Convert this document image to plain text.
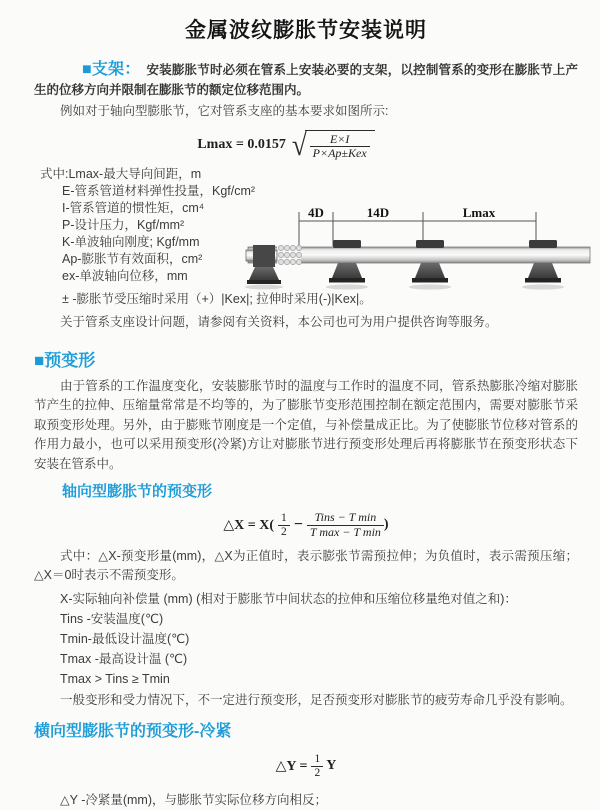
金属波纹膨胀节安装说明

■支架： 安装膨胀节时必须在管系上安装必要的支架，以控制管系的变形在膨胀节上产生的位移方向并限制在膨胀节的额定位移范围内。

例如对于轴向型膨胀节，它对管系支座的基本要求如图所示:

Lmax = 0.0157 √ $\frac{E\times I}{\text{P×Ap±Kex}}$
式中:Lmax-最大导向间距，m
E-管系管道材料弹性投量，Kgf/cm²
I-管系管道的惯性矩，cm⁴
P-设计压力，Kgf/mm²
K-单波轴向刚度; Kgf/mm
Ap-膨胀节有效面积，cm²
ex-单波轴向位移，mm
± -膨胀节受压缩时采用（+）|Kex|; 拉伸时采用(-)|Kex|。

关于管系支座设计问题，请参阅有关资料，本公司也可为用户提供咨询等服务。

■预变形

由于管系的工作温度变化，安装膨胀节时的温度与工作时的温度不同，管系热膨胀冷缩对膨胀节产生的拉伸、压缩量常常是不均等的，为了膨胀节变形范围控制在额定范围内，需要对膨胀节采取预变形处理。另外，由于膨账节刚度是一个定值，与补偿量成正比。为了使膨胀节位移对管系的作用力最小，也可以采用预变形(冷紧)方让对膨胀节进行预变形处理后再将膨胀节在预变形状态下安装在管系中。

轴向型膨胀节的预变形
△X = $X( \frac{1}{2} - \frac{\text{Tins − T min}}{\text{T max − T min}}$ )

式中：△X-预变形量(mm)，△X为正值时，表示膨张节需预拉伸；为负值时，表示需预压缩；△X＝0时表示不需预变形。

X-实际轴向补偿量 (mm) (相对于膨胀节中间状态的拉伸和压缩位移量绝对值之和)：

Tins -安装温度(℃)

Tmin-最低设计温度(℃)

Tmax -最高设计温 (℃)

Tmax > Tins ≥ Tmin

一般变形和受力情况下，不一定进行预变形，足否预变形对膨胀节的疲劳寿命几乎没有影响。

横向型膨胀节的预变形-冷紧
△Y = $\frac{1}{2}$ Y

△Y -冷紧量(mm)，与膨胀节实际位移方向相反；

4D	14D	Lmax
